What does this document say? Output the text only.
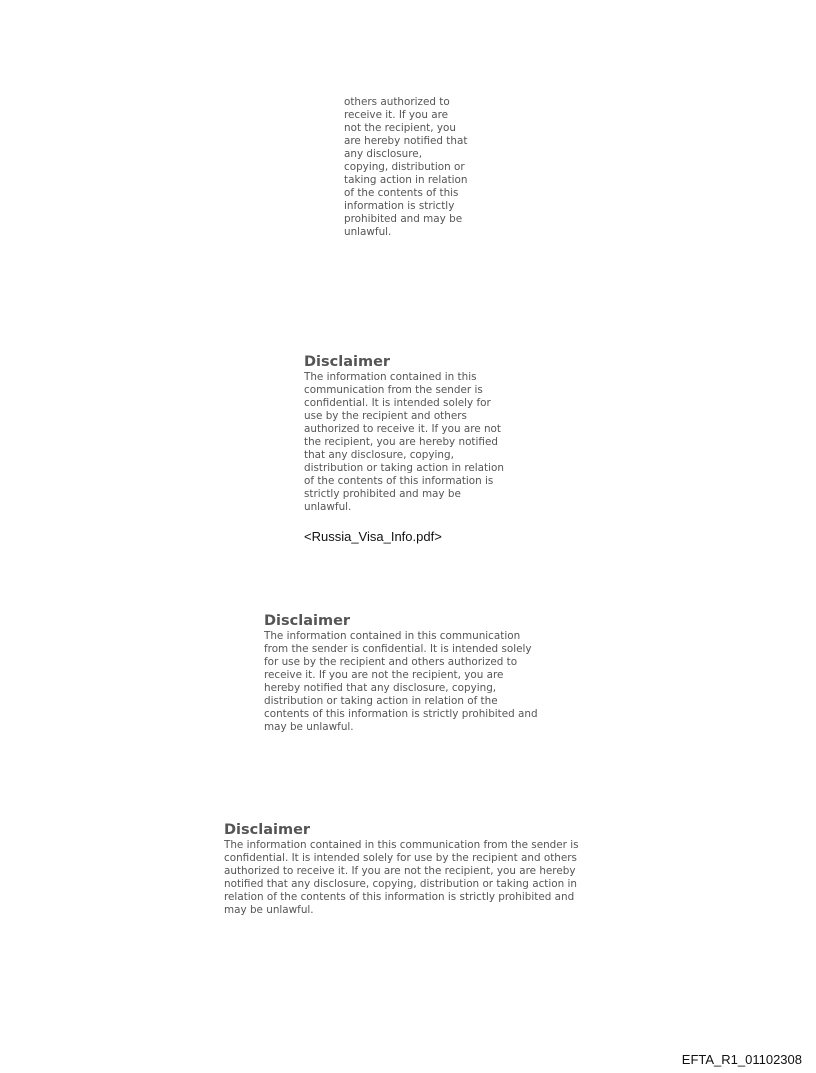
others authorized to
receive it. If you are
not the recipient, you
are hereby notified that
any disclosure,
copying, distribution or
taking action in relation
of the contents of this
information is strictly
prohibited and may be
unlawful.

Disclaimer

The information contained in this
communication from the sender is
confidential. It is intended solely for
use by the recipient and others
authorized to receive it. If you are not
the recipient, you are hereby notified
that any disclosure, copying,
distribution or taking action in relation
of the contents of this information is
strictly prohibited and may be
unlawful.

<Russia_Visa_Info.pdf>
Disclaimer

The information contained in this communication
from the sender is confidential. It is intended solely
for use by the recipient and others authorized to
receive it. If you are not the recipient, you are
hereby notified that any disclosure, copying,
distribution or taking action in relation of the
contents of this information is strictly prohibited and
may be unlawful.

Disclaimer

The information contained in this communication from the sender is
confidential. It is intended solely for use by the recipient and others
authorized to receive it. If you are not the recipient, you are hereby
notified that any disclosure, copying, distribution or taking action in
relation of the contents of this information is strictly prohibited and
may be unlawful.

EFTA_R1_01102308
